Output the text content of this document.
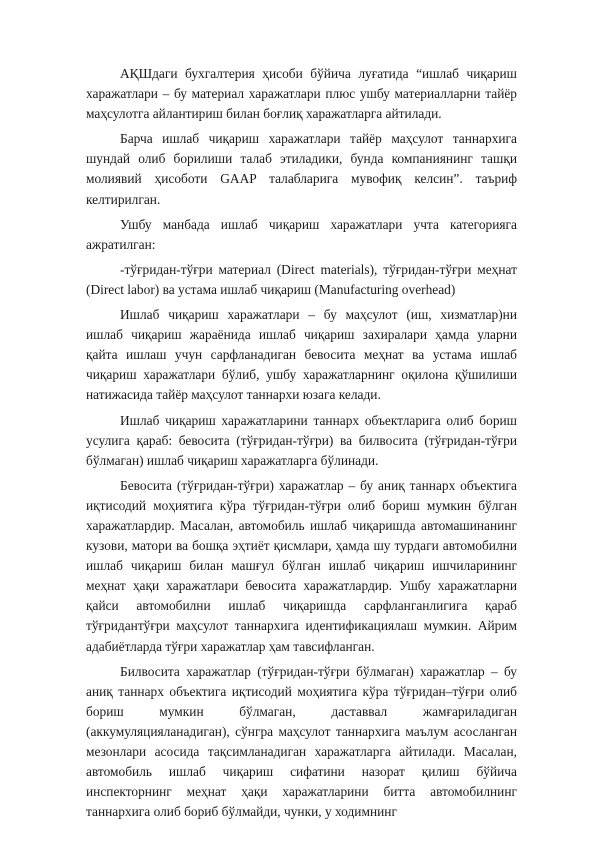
АҚШдаги бухгалтерия ҳисоби бўйича луғатида “ишлаб чиқариш харажатлари – бу материал харажатлари плюс ушбу материалларни тайёр маҳсулотга айлантириш билан боғлиқ харажатларга айтилади.

Барча ишлаб чиқариш харажатлари тайёр маҳсулот таннархига шундай олиб борилиши талаб этиладики, бунда компаниянинг ташқи молиявий ҳисоботи GAAP талабларига мувофиқ келсин”. таъриф келтирилган.

Ушбу манбада ишлаб чиқариш харажатлари учта категорияга ажратилган:

-тўғридан-тўғри материал (Direct materials), тўғридан-тўғри меҳнат (Direct labor) ва устама ишлаб чиқариш (Manufacturing overhead)

Ишлаб чиқариш харажатлари – бу маҳсулот (иш, хизматлар)ни ишлаб чиқариш жараёнида ишлаб чиқариш захиралари ҳамда уларни қайта ишлаш учун сарфланадиган бевосита меҳнат ва устама ишлаб чиқариш харажатлари бўлиб, ушбу харажатларнинг оқилона қўшилиши натижасида тайёр маҳсулот таннархи юзага келади.

Ишлаб чиқариш харажатларини таннарх объектларига олиб бориш усулига қараб: бевосита (тўғридан-тўғри) ва билвосита (тўғридан-тўғри бўлмаган) ишлаб чиқариш харажатларга бўлинади.

Бевосита (тўғридан-тўғри) харажатлар – бу аниқ таннарх объектига иқтисодий моҳиятига кўра тўғридан-тўғри олиб бориш мумкин бўлган харажатлардир. Масалан, автомобиль ишлаб чиқаришда автомашинанинг кузови, матори ва бошқа эҳтиёт қисмлари, ҳамда шу турдаги автомобилни ишлаб чиқариш билан машғул бўлган ишлаб чиқариш ишчиларининг меҳнат ҳақи харажатлари бевосита харажатлардир. Ушбу харажатларни қайси автомобилни ишлаб чиқаришда сарфланганлигига қараб тўғридантўғри маҳсулот таннархига идентификациялаш мумкин. Айрим адабиётларда тўғри харажатлар ҳам тавсифланган.

Билвосита харажатлар (тўғридан-тўғри бўлмаган) харажатлар – бу аниқ таннарх объектига иқтисодий моҳиятига кўра тўғридан–тўғри олиб бориш мумкин бўлмаган, даставвал жамғариладиган (аккумуляцияланадиган), сўнгра маҳсулот таннархига маълум асосланган мезонлари асосида тақсимланадиган харажатларга айтилади. Масалан, автомобиль ишлаб чиқариш сифатини назорат қилиш бўйича инспекторнинг меҳнат ҳақи харажатларини битта автомобилнинг таннархига олиб бориб бўлмайди, чунки, у ходимнинг
